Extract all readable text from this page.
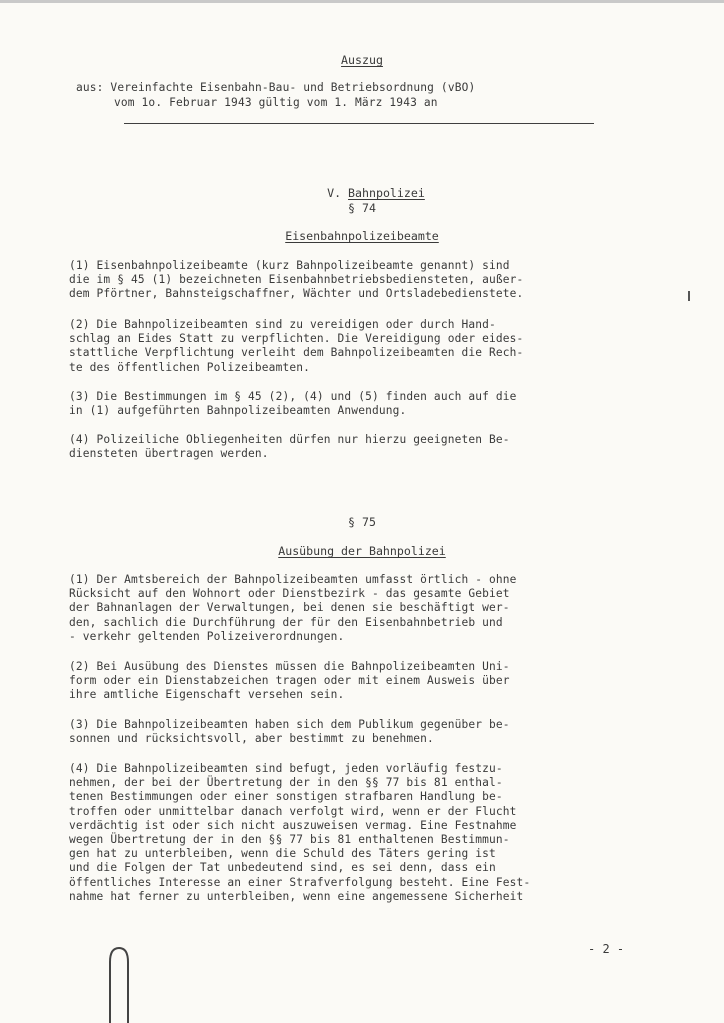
Auszug
aus: Vereinfachte Eisenbahn-Bau- und Betriebsordnung (vBO)
vom 1o. Februar 1943 gültig vom 1. März 1943 an

V. Bahnpolizei

§ 74
Eisenbahnpolizeibeamte
(1) Eisenbahnpolizeibeamte (kurz Bahnpolizeibeamte genannt) sind
die im § 45 (1) bezeichneten Eisenbahnbetriebsbediensteten, außer-
dem Pförtner, Bahnsteigschaffner, Wächter und Ortsladebedienstete.
(2) Die Bahnpolizeibeamten sind zu vereidigen oder durch Hand-
schlag an Eides Statt zu verpflichten. Die Vereidigung oder eides-
stattliche Verpflichtung verleiht dem Bahnpolizeibeamten die Rech-
te des öffentlichen Polizeibeamten.
(3) Die Bestimmungen im § 45 (2), (4) und (5) finden auch auf die
in (1) aufgeführten Bahnpolizeibeamten Anwendung.
(4) Polizeiliche Obliegenheiten dürfen nur hierzu geeigneten Be-
diensteten übertragen werden.
§ 75
Ausübung der Bahnpolizei
(1) Der Amtsbereich der Bahnpolizeibeamten umfasst örtlich - ohne
Rücksicht auf den Wohnort oder Dienstbezirk - das gesamte Gebiet
der Bahnanlagen der Verwaltungen, bei denen sie beschäftigt wer-
den, sachlich die Durchführung der für den Eisenbahnbetrieb und
- verkehr geltenden Polizeiverordnungen.
(2) Bei Ausübung des Dienstes müssen die Bahnpolizeibeamten Uni-
form oder ein Dienstabzeichen tragen oder mit einem Ausweis über
ihre amtliche Eigenschaft versehen sein.
(3) Die Bahnpolizeibeamten haben sich dem Publikum gegenüber be-
sonnen und rücksichtsvoll, aber bestimmt zu benehmen.
(4) Die Bahnpolizeibeamten sind befugt, jeden vorläufig festzu-
nehmen, der bei der Übertretung der in den §§ 77 bis 81 enthal-
tenen Bestimmungen oder einer sonstigen strafbaren Handlung be-
troffen oder unmittelbar danach verfolgt wird, wenn er der Flucht
verdächtig ist oder sich nicht auszuweisen vermag. Eine Festnahme
wegen Übertretung der in den §§ 77 bis 81 enthaltenen Bestimmun-
gen hat zu unterbleiben, wenn die Schuld des Täters gering ist
und die Folgen der Tat unbedeutend sind, es sei denn, dass ein
öffentliches Interesse an einer Strafverfolgung besteht. Eine Fest-
nahme hat ferner zu unterbleiben, wenn eine angemessene Sicherheit
- 2 -
